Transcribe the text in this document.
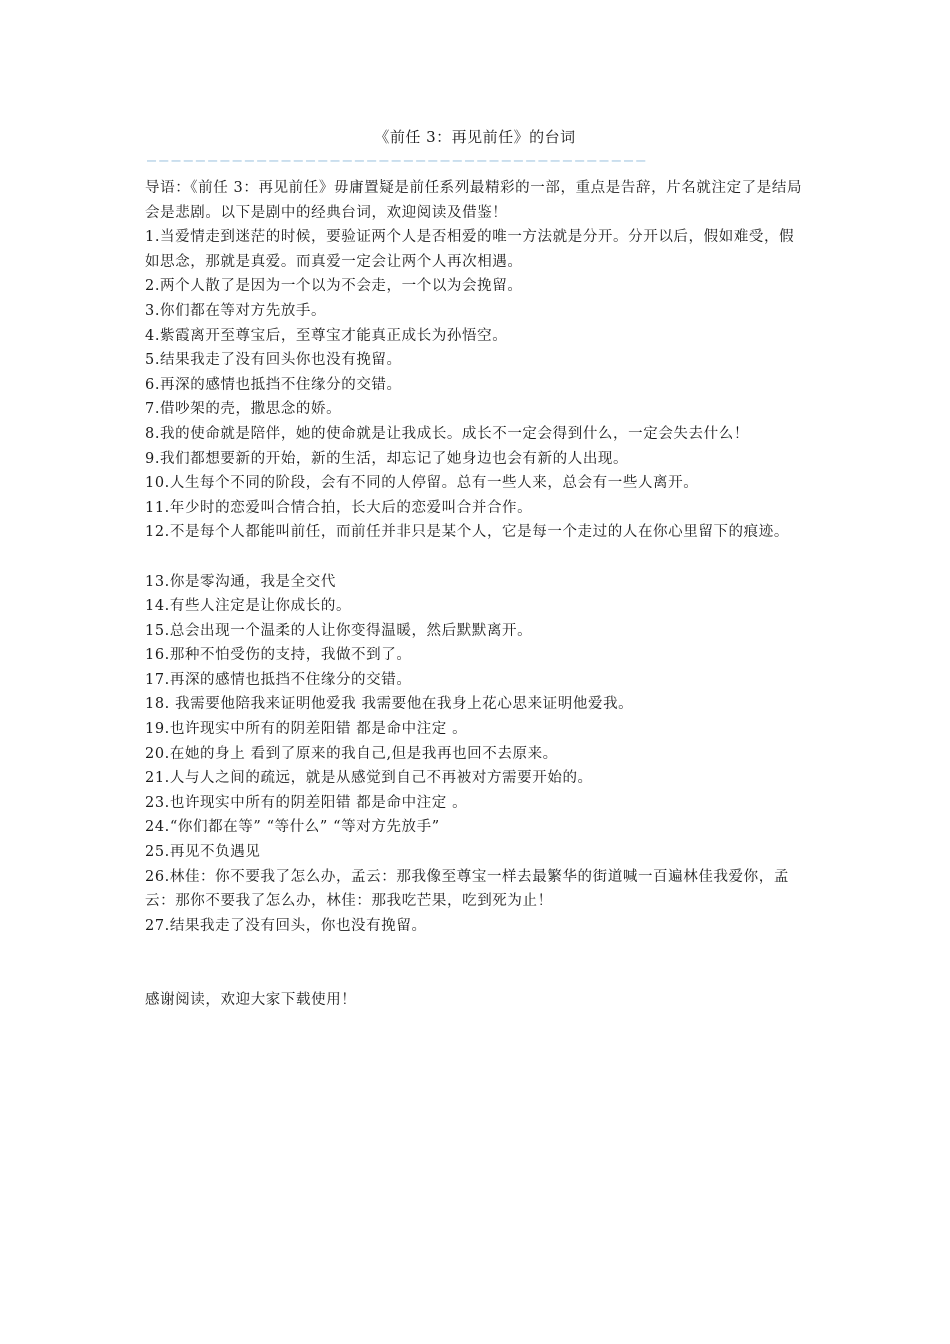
《前任 3：再见前任》的台词
—————————————————————————————————————————

导语：《前任 3：再见前任》毋庸置疑是前任系列最精彩的一部，重点是告辞，片名就注定了是结局会是悲剧。以下是剧中的经典台词，欢迎阅读及借鉴！

1.当爱情走到迷茫的时候，要验证两个人是否相爱的唯一方法就是分开。分开以后，假如难受，假如思念，那就是真爱。而真爱一定会让两个人再次相遇。

2.两个人散了是因为一个以为不会走，一个以为会挽留。

3.你们都在等对方先放手。

4.紫霞离开至尊宝后，至尊宝才能真正成长为孙悟空。

5.结果我走了没有回头你也没有挽留。

6.再深的感情也抵挡不住缘分的交错。

7.借吵架的壳，撒思念的娇。

8.我的使命就是陪伴，她的使命就是让我成长。成长不一定会得到什么，一定会失去什么！

9.我们都想要新的开始，新的生活，却忘记了她身边也会有新的人出现。

10.人生每个不同的阶段，会有不同的人停留。总有一些人来，总会有一些人离开。

11.年少时的恋爱叫合情合拍，长大后的恋爱叫合并合作。

12.不是每个人都能叫前任，而前任并非只是某个人，它是每一个走过的人在你心里留下的痕迹。

13.你是零沟通，我是全交代

14.有些人注定是让你成长的。

15.总会出现一个温柔的人让你变得温暖，然后默默离开。

16.那种不怕受伤的支持，我做不到了。

17.再深的感情也抵挡不住缘分的交错。

18. 我需要他陪我来证明他爱我 我需要他在我身上花心思来证明他爱我。

19.也许现实中所有的阴差阳错 都是命中注定 。

20.在她的身上 看到了原来的我自己,但是我再也回不去原来。

21.人与人之间的疏远，就是从感觉到自己不再被对方需要开始的。

23.也许现实中所有的阴差阳错 都是命中注定 。

24.“你们都在等” “等什么” “等对方先放手”

25.再见不负遇见

26.林佳：你不要我了怎么办，孟云：那我像至尊宝一样去最繁华的街道喊一百遍林佳我爱你，孟云：那你不要我了怎么办，林佳：那我吃芒果，吃到死为止！

27.结果我走了没有回头，你也没有挽留。

感谢阅读，欢迎大家下载使用！
